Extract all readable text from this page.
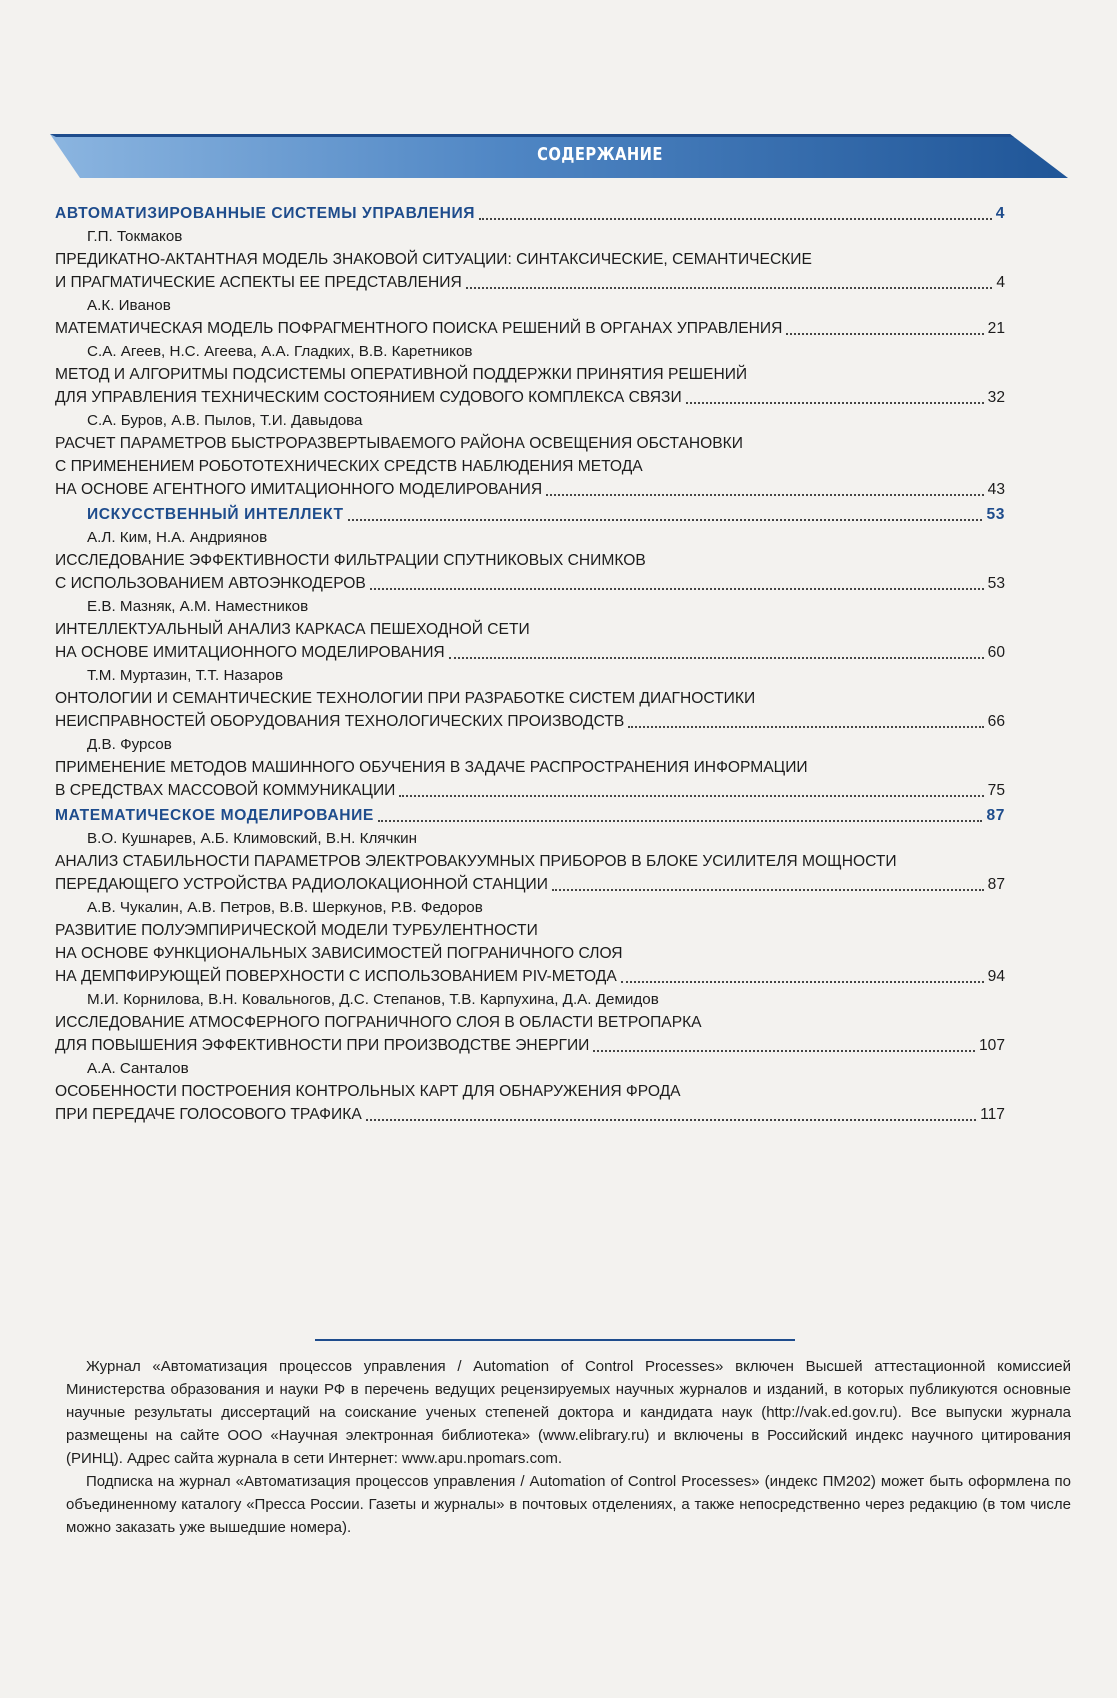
СОДЕРЖАНИЕ
АВТОМАТИЗИРОВАННЫЕ СИСТЕМЫ УПРАВЛЕНИЯ	4
Г.П. Токмаков
ПРЕДИКАТНО-АКТАНТНАЯ МОДЕЛЬ ЗНАКОВОЙ СИТУАЦИИ: СИНТАКСИЧЕСКИЕ, СЕМАНТИЧЕСКИЕ
И ПРАГМАТИЧЕСКИЕ АСПЕКТЫ ЕЕ ПРЕДСТАВЛЕНИЯ	4
А.К. Иванов
МАТЕМАТИЧЕСКАЯ МОДЕЛЬ ПОФРАГМЕНТНОГО ПОИСКА РЕШЕНИЙ В ОРГАНАХ УПРАВЛЕНИЯ	21
С.А. Агеев, Н.С. Агеева, А.А. Гладких, В.В. Каретников
МЕТОД И АЛГОРИТМЫ ПОДСИСТЕМЫ ОПЕРАТИВНОЙ ПОДДЕРЖКИ ПРИНЯТИЯ РЕШЕНИЙ
ДЛЯ УПРАВЛЕНИЯ ТЕХНИЧЕСКИМ СОСТОЯНИЕМ СУДОВОГО КОМПЛЕКСА СВЯЗИ	32
С.А. Буров, А.В. Пылов, Т.И. Давыдова
РАСЧЕТ ПАРАМЕТРОВ БЫСТРОРАЗВЕРТЫВАЕМОГО РАЙОНА ОСВЕЩЕНИЯ ОБСТАНОВКИ
С ПРИМЕНЕНИЕМ РОБОТОТЕХНИЧЕСКИХ СРЕДСТВ НАБЛЮДЕНИЯ МЕТОДА
НА ОСНОВЕ АГЕНТНОГО ИМИТАЦИОННОГО МОДЕЛИРОВАНИЯ	43
ИСКУССТВЕННЫЙ ИНТЕЛЛЕКТ	53
А.Л. Ким, Н.А. Андриянов
ИССЛЕДОВАНИЕ ЭФФЕКТИВНОСТИ ФИЛЬТРАЦИИ СПУТНИКОВЫХ СНИМКОВ
С ИСПОЛЬЗОВАНИЕМ АВТОЭНКОДЕРОВ	53
Е.В. Мазняк, А.М. Наместников
ИНТЕЛЛЕКТУАЛЬНЫЙ АНАЛИЗ КАРКАСА ПЕШЕХОДНОЙ СЕТИ
НА ОСНОВЕ ИМИТАЦИОННОГО МОДЕЛИРОВАНИЯ	60
Т.М. Муртазин, Т.Т. Назаров
ОНТОЛОГИИ И СЕМАНТИЧЕСКИЕ ТЕХНОЛОГИИ ПРИ РАЗРАБОТКЕ СИСТЕМ ДИАГНОСТИКИ
НЕИСПРАВНОСТЕЙ ОБОРУДОВАНИЯ ТЕХНОЛОГИЧЕСКИХ ПРОИЗВОДСТВ	66
Д.В. Фурсов
ПРИМЕНЕНИЕ МЕТОДОВ МАШИННОГО ОБУЧЕНИЯ В ЗАДАЧЕ РАСПРОСТРАНЕНИЯ ИНФОРМАЦИИ
В СРЕДСТВАХ МАССОВОЙ КОММУНИКАЦИИ	75
МАТЕМАТИЧЕСКОЕ МОДЕЛИРОВАНИЕ	87
В.О. Кушнарев, А.Б. Климовский, В.Н. Клячкин
АНАЛИЗ СТАБИЛЬНОСТИ ПАРАМЕТРОВ ЭЛЕКТРОВАКУУМНЫХ ПРИБОРОВ В БЛОКЕ УСИЛИТЕЛЯ МОЩНОСТИ
ПЕРЕДАЮЩЕГО УСТРОЙСТВА РАДИОЛОКАЦИОННОЙ СТАНЦИИ	87
А.В. Чукалин, А.В. Петров, В.В. Шеркунов, Р.В. Федоров
РАЗВИТИЕ ПОЛУЭМПИРИЧЕСКОЙ МОДЕЛИ ТУРБУЛЕНТНОСТИ
НА ОСНОВЕ ФУНКЦИОНАЛЬНЫХ ЗАВИСИМОСТЕЙ ПОГРАНИЧНОГО СЛОЯ
НА ДЕМПФИРУЮЩЕЙ ПОВЕРХНОСТИ С ИСПОЛЬЗОВАНИЕМ PIV-МЕТОДА	94
М.И. Корнилова, В.Н. Ковальногов, Д.С. Степанов, Т.В. Карпухина, Д.А. Демидов
ИССЛЕДОВАНИЕ АТМОСФЕРНОГО ПОГРАНИЧНОГО СЛОЯ В ОБЛАСТИ ВЕТРОПАРКА
ДЛЯ ПОВЫШЕНИЯ ЭФФЕКТИВНОСТИ ПРИ ПРОИЗВОДСТВЕ ЭНЕРГИИ	107
А.А. Санталов
ОСОБЕННОСТИ ПОСТРОЕНИЯ КОНТРОЛЬНЫХ КАРТ ДЛЯ ОБНАРУЖЕНИЯ ФРОДА
ПРИ ПЕРЕДАЧЕ ГОЛОСОВОГО ТРАФИКА	117

Журнал «Автоматизация процессов управления / Automation of Control Processes» включен Высшей аттестационной комиссией Министерства образования и науки РФ в перечень ведущих рецензируемых научных журналов и изданий, в которых публикуются основные научные результаты диссертаций на соискание ученых степеней доктора и кандидата наук (http://vak.ed.gov.ru). Все выпуски журнала размещены на сайте ООО «Научная электронная библиотека» (www.elibrary.ru) и включены в Российский индекс научного цитирования (РИНЦ). Адрес сайта журнала в сети Интернет: www.apu.npomars.com.

Подписка на журнал «Автоматизация процессов управления / Automation of Control Processes» (индекс ПМ202) может быть оформлена по объединенному каталогу «Пресса России. Газеты и журналы» в почтовых отделениях, а также непосредственно через редакцию (в том числе можно заказать уже вышедшие номера).
